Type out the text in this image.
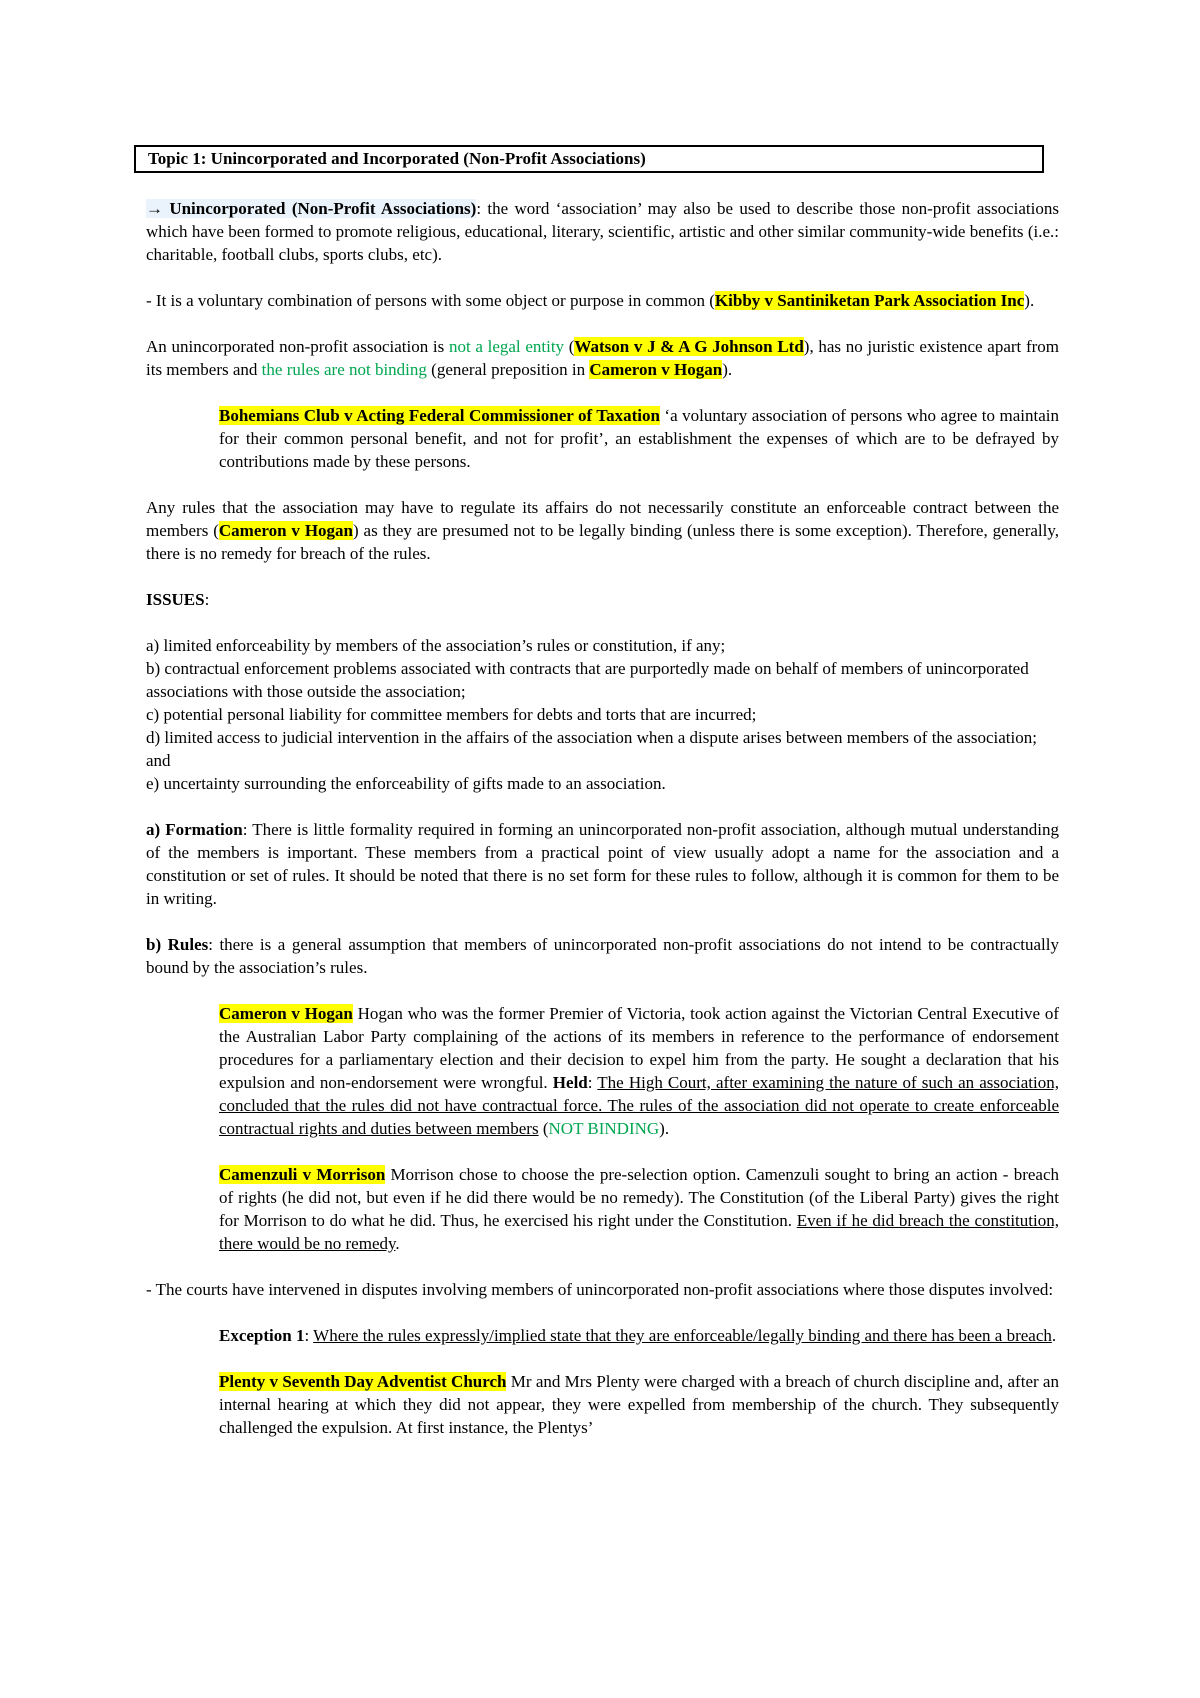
Topic 1: Unincorporated and Incorporated (Non-Profit Associations)

→ Unincorporated (Non-Profit Associations): the word ‘association’ may also be used to describe those non-profit associations which have been formed to promote religious, educational, literary, scientific, artistic and other similar community-wide benefits (i.e.: charitable, football clubs, sports clubs, etc).

- It is a voluntary combination of persons with some object or purpose in common (Kibby v Santiniketan Park Association Inc).

An unincorporated non-profit association is not a legal entity (Watson v J & A G Johnson Ltd), has no juristic existence apart from its members and the rules are not binding (general preposition in Cameron v Hogan).

Bohemians Club v Acting Federal Commissioner of Taxation ‘a voluntary association of persons who agree to maintain for their common personal benefit, and not for profit’, an establishment the expenses of which are to be defrayed by contributions made by these persons.

Any rules that the association may have to regulate its affairs do not necessarily constitute an enforceable contract between the members (Cameron v Hogan) as they are presumed not to be legally binding (unless there is some exception). Therefore, generally, there is no remedy for breach of the rules.

ISSUES:

a) limited enforceability by members of the association’s rules or constitution, if any;
b) contractual enforcement problems associated with contracts that are purportedly made on behalf of members of unincorporated associations with those outside the association;
c) potential personal liability for committee members for debts and torts that are incurred;
d) limited access to judicial intervention in the affairs of the association when a dispute arises between members of the association; and
e) uncertainty surrounding the enforceability of gifts made to an association.

a) Formation: There is little formality required in forming an unincorporated non-profit association, although mutual understanding of the members is important. These members from a practical point of view usually adopt a name for the association and a constitution or set of rules. It should be noted that there is no set form for these rules to follow, although it is common for them to be in writing.

b) Rules: there is a general assumption that members of unincorporated non-profit associations do not intend to be contractually bound by the association’s rules.

Cameron v Hogan Hogan who was the former Premier of Victoria, took action against the Victorian Central Executive of the Australian Labor Party complaining of the actions of its members in reference to the performance of endorsement procedures for a parliamentary election and their decision to expel him from the party. He sought a declaration that his expulsion and non-endorsement were wrongful. Held: The High Court, after examining the nature of such an association, concluded that the rules did not have contractual force. The rules of the association did not operate to create enforceable contractual rights and duties between members (NOT BINDING).

Camenzuli v Morrison Morrison chose to choose the pre-selection option. Camenzuli sought to bring an action - breach of rights (he did not, but even if he did there would be no remedy). The Constitution (of the Liberal Party) gives the right for Morrison to do what he did. Thus, he exercised his right under the Constitution. Even if he did breach the constitution, there would be no remedy.

- The courts have intervened in disputes involving members of unincorporated non-profit associations where those disputes involved:

Exception 1: Where the rules expressly/implied state that they are enforceable/legally binding and there has been a breach.

Plenty v Seventh Day Adventist Church Mr and Mrs Plenty were charged with a breach of church discipline and, after an internal hearing at which they did not appear, they were expelled from membership of the church. They subsequently challenged the expulsion. At first instance, the Plentys’
